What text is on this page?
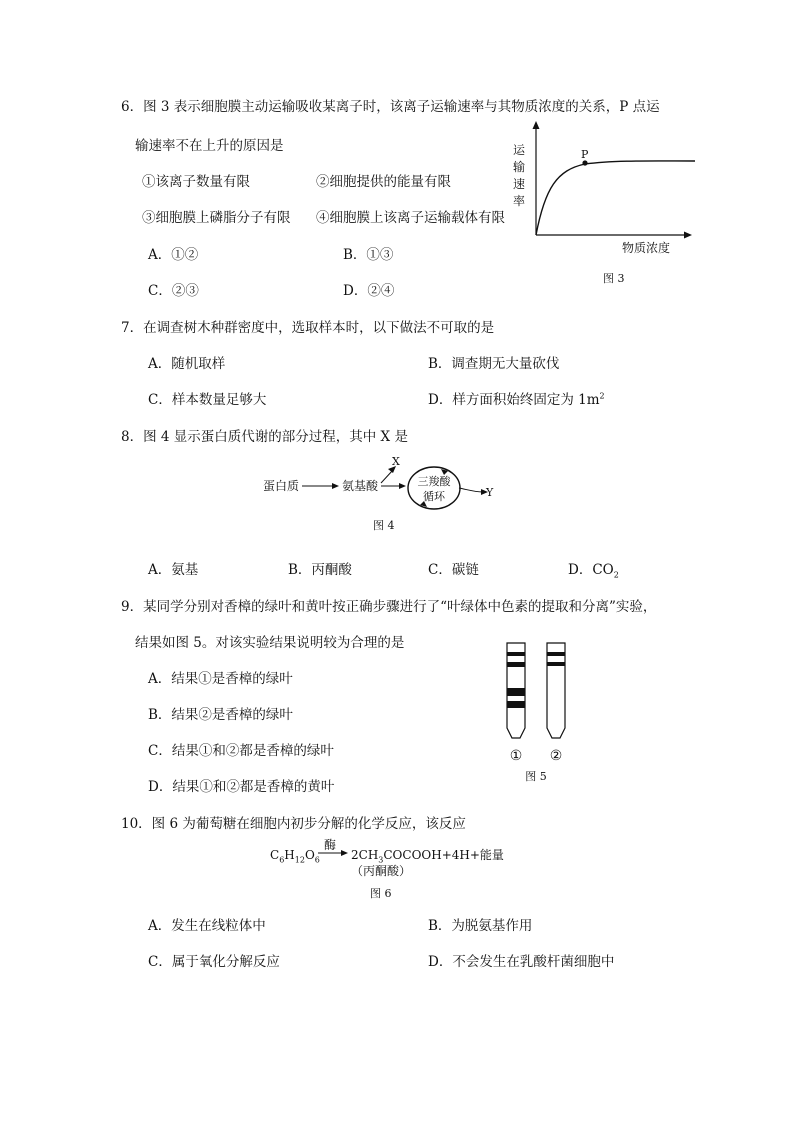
6．图 3 表示细胞膜主动运输吸收某离子时，该离子运输速率与其物质浓度的关系，P 点运
输速率不在上升的原因是
①该离子数量有限	②细胞提供的能量有限
③细胞膜上磷脂分子有限 ④细胞膜上该离子运输载体有限
A．①②	B．①③
C．②③	D．②④
P
运
输
速
率
物质浓度
图 3
7．在调查树木种群密度中，选取样本时，以下做法不可取的是
A．随机取样	B．调查期无大量砍伐
C．样本数量足够大	D．样方面积始终固定为 $1m^2$
8．图 4 显示蛋白质代谢的部分过程，其中 X 是
蛋白质	氨基酸
X
三羧酸
循环	Y
图 4
A．氨基	B．丙酮酸	C．碳链	D．$CO_2$
9．某同学分别对香樟的绿叶和黄叶按正确步骤进行了“叶绿体中色素的提取和分离”实验，
结果如图 5。对该实验结果说明较为合理的是
A．结果①是香樟的绿叶
B．结果②是香樟的绿叶
C．结果①和②都是香樟的绿叶
D．结果①和②都是香樟的黄叶
① ②
图 5
10．图 6 为葡萄糖在细胞内初步分解的化学反应，该反应
$C_6H_{12}O_6$
酶
$2CH_3COCOOH+4H+$能量
（丙酮酸）
图 6
A．发生在线粒体中	B．为脱氨基作用
C．属于氧化分解反应	D．不会发生在乳酸杆菌细胞中
